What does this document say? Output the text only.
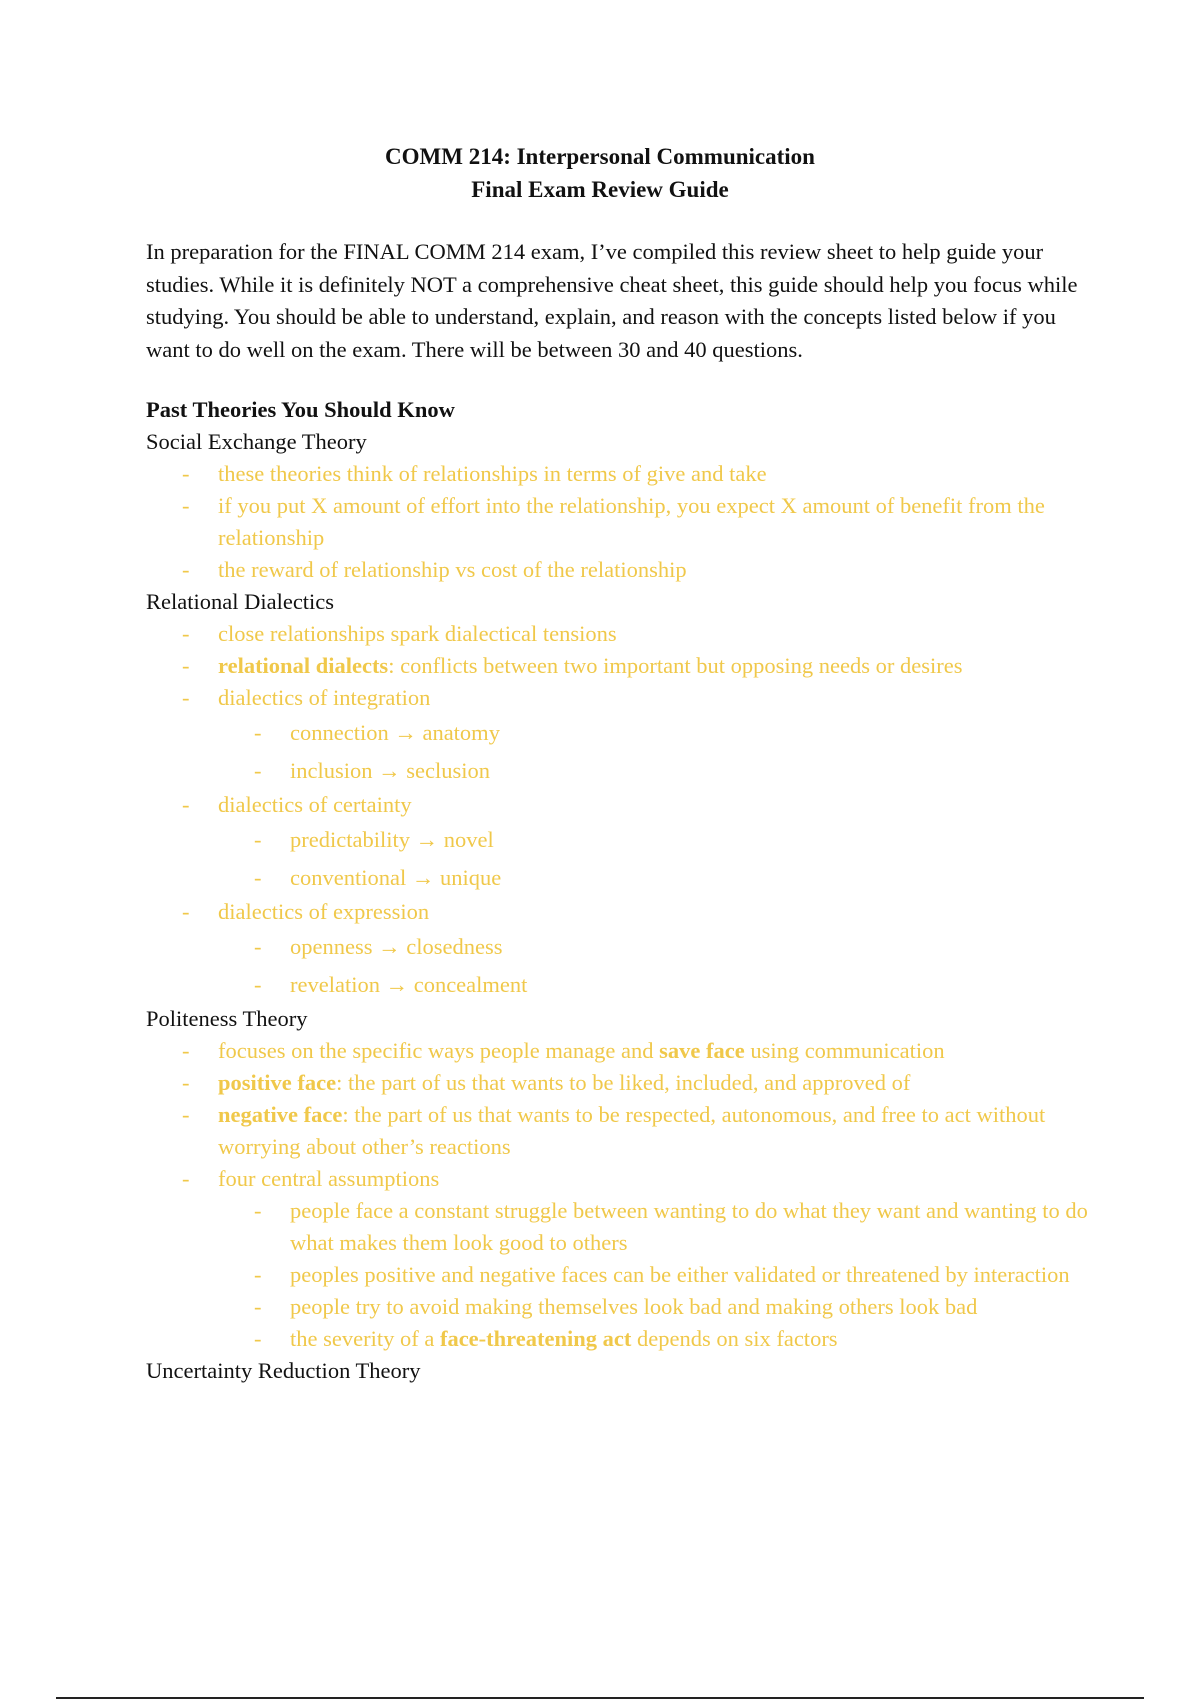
COMM 214: Interpersonal Communication
Final Exam Review Guide

In preparation for the FINAL COMM 214 exam, I’ve compiled this review sheet to help guide your studies. While it is definitely NOT a comprehensive cheat sheet, this guide should help you focus while studying. You should be able to understand, explain, and reason with the concepts listed below if you want to do well on the exam. There will be between 30 and 40 questions.

Past Theories You Should Know

Social Exchange Theory

- these theories think of relationships in terms of give and take
- if you put X amount of effort into the relationship, you expect X amount of benefit from the relationship
- the reward of relationship vs cost of the relationship

Relational Dialectics

- close relationships spark dialectical tensions
- relational dialects: conflicts between two important but opposing needs or desires
- dialectics of integration
- connection → anatomy
- inclusion → seclusion
- dialectics of certainty
- predictability → novel
- conventional → unique
- dialectics of expression
- openness → closedness
- revelation → concealment

Politeness Theory

- focuses on the specific ways people manage and save face using communication
- positive face: the part of us that wants to be liked, included, and approved of
- negative face: the part of us that wants to be respected, autonomous, and free to act without worrying about other’s reactions
- four central assumptions
- people face a constant struggle between wanting to do what they want and wanting to do what makes them look good to others
- peoples positive and negative faces can be either validated or threatened by interaction
- people try to avoid making themselves look bad and making others look bad
- the severity of a face-threatening act depends on six factors

Uncertainty Reduction Theory
